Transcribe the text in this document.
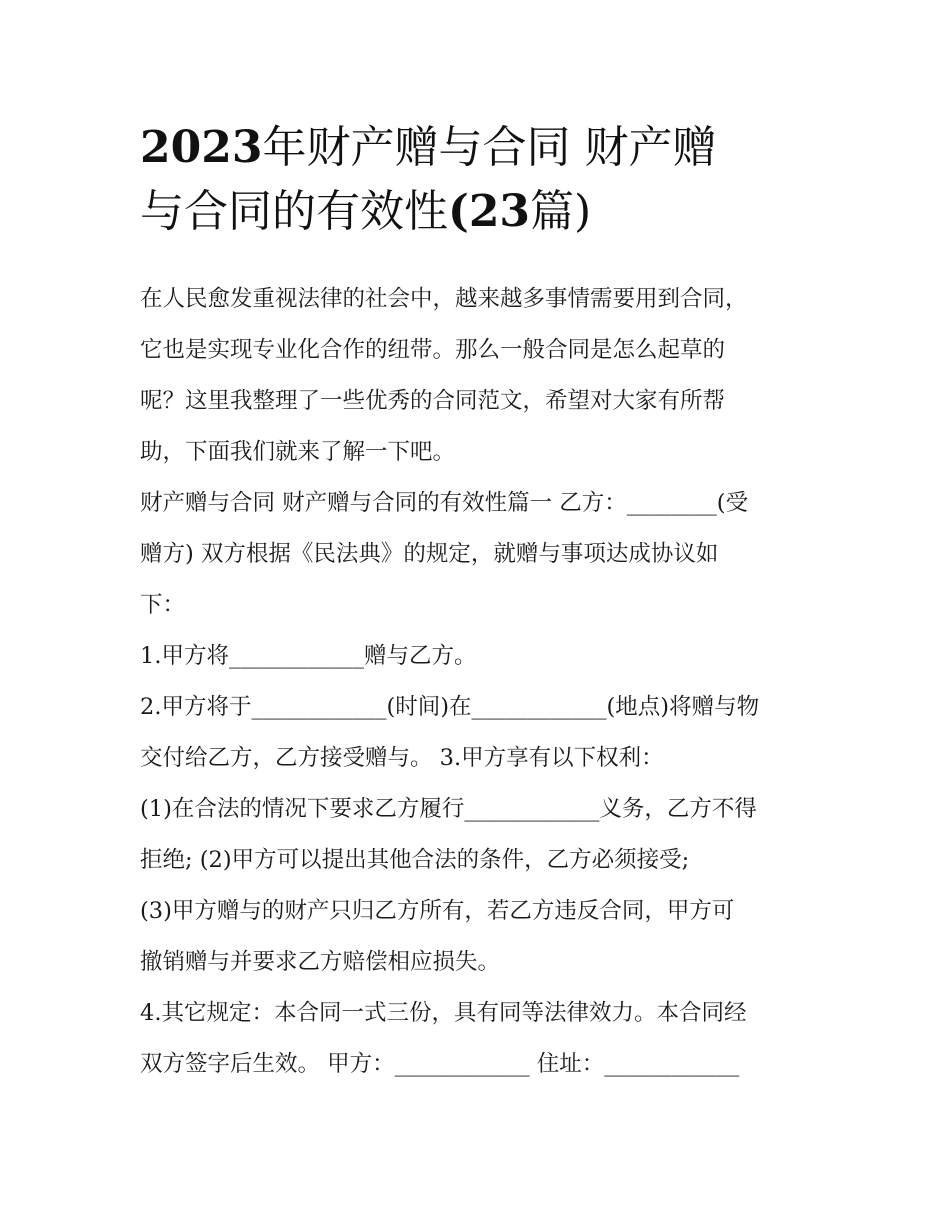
2023年财产赠与合同 财产赠
与合同的有效性(23篇)
在人民愈发重视法律的社会中，越来越多事情需要用到合同，
它也是实现专业化合作的纽带。那么一般合同是怎么起草的
呢？这里我整理了一些优秀的合同范文，希望对大家有所帮
助，下面我们就来了解一下吧。
财产赠与合同 财产赠与合同的有效性篇一 乙方：________(受
赠方) 双方根据《民法典》的规定，就赠与事项达成协议如
下：
1.甲方将____________赠与乙方。
2.甲方将于____________(时间)在____________(地点)将赠与物
交付给乙方，乙方接受赠与。 3.甲方享有以下权利：
(1)在合法的情况下要求乙方履行____________义务，乙方不得
拒绝; (2)甲方可以提出其他合法的条件，乙方必须接受;
(3)甲方赠与的财产只归乙方所有，若乙方违反合同，甲方可
撤销赠与并要求乙方赔偿相应损失。
4.其它规定：本合同一式三份，具有同等法律效力。本合同经
双方签字后生效。 甲方：____________ 住址：____________
